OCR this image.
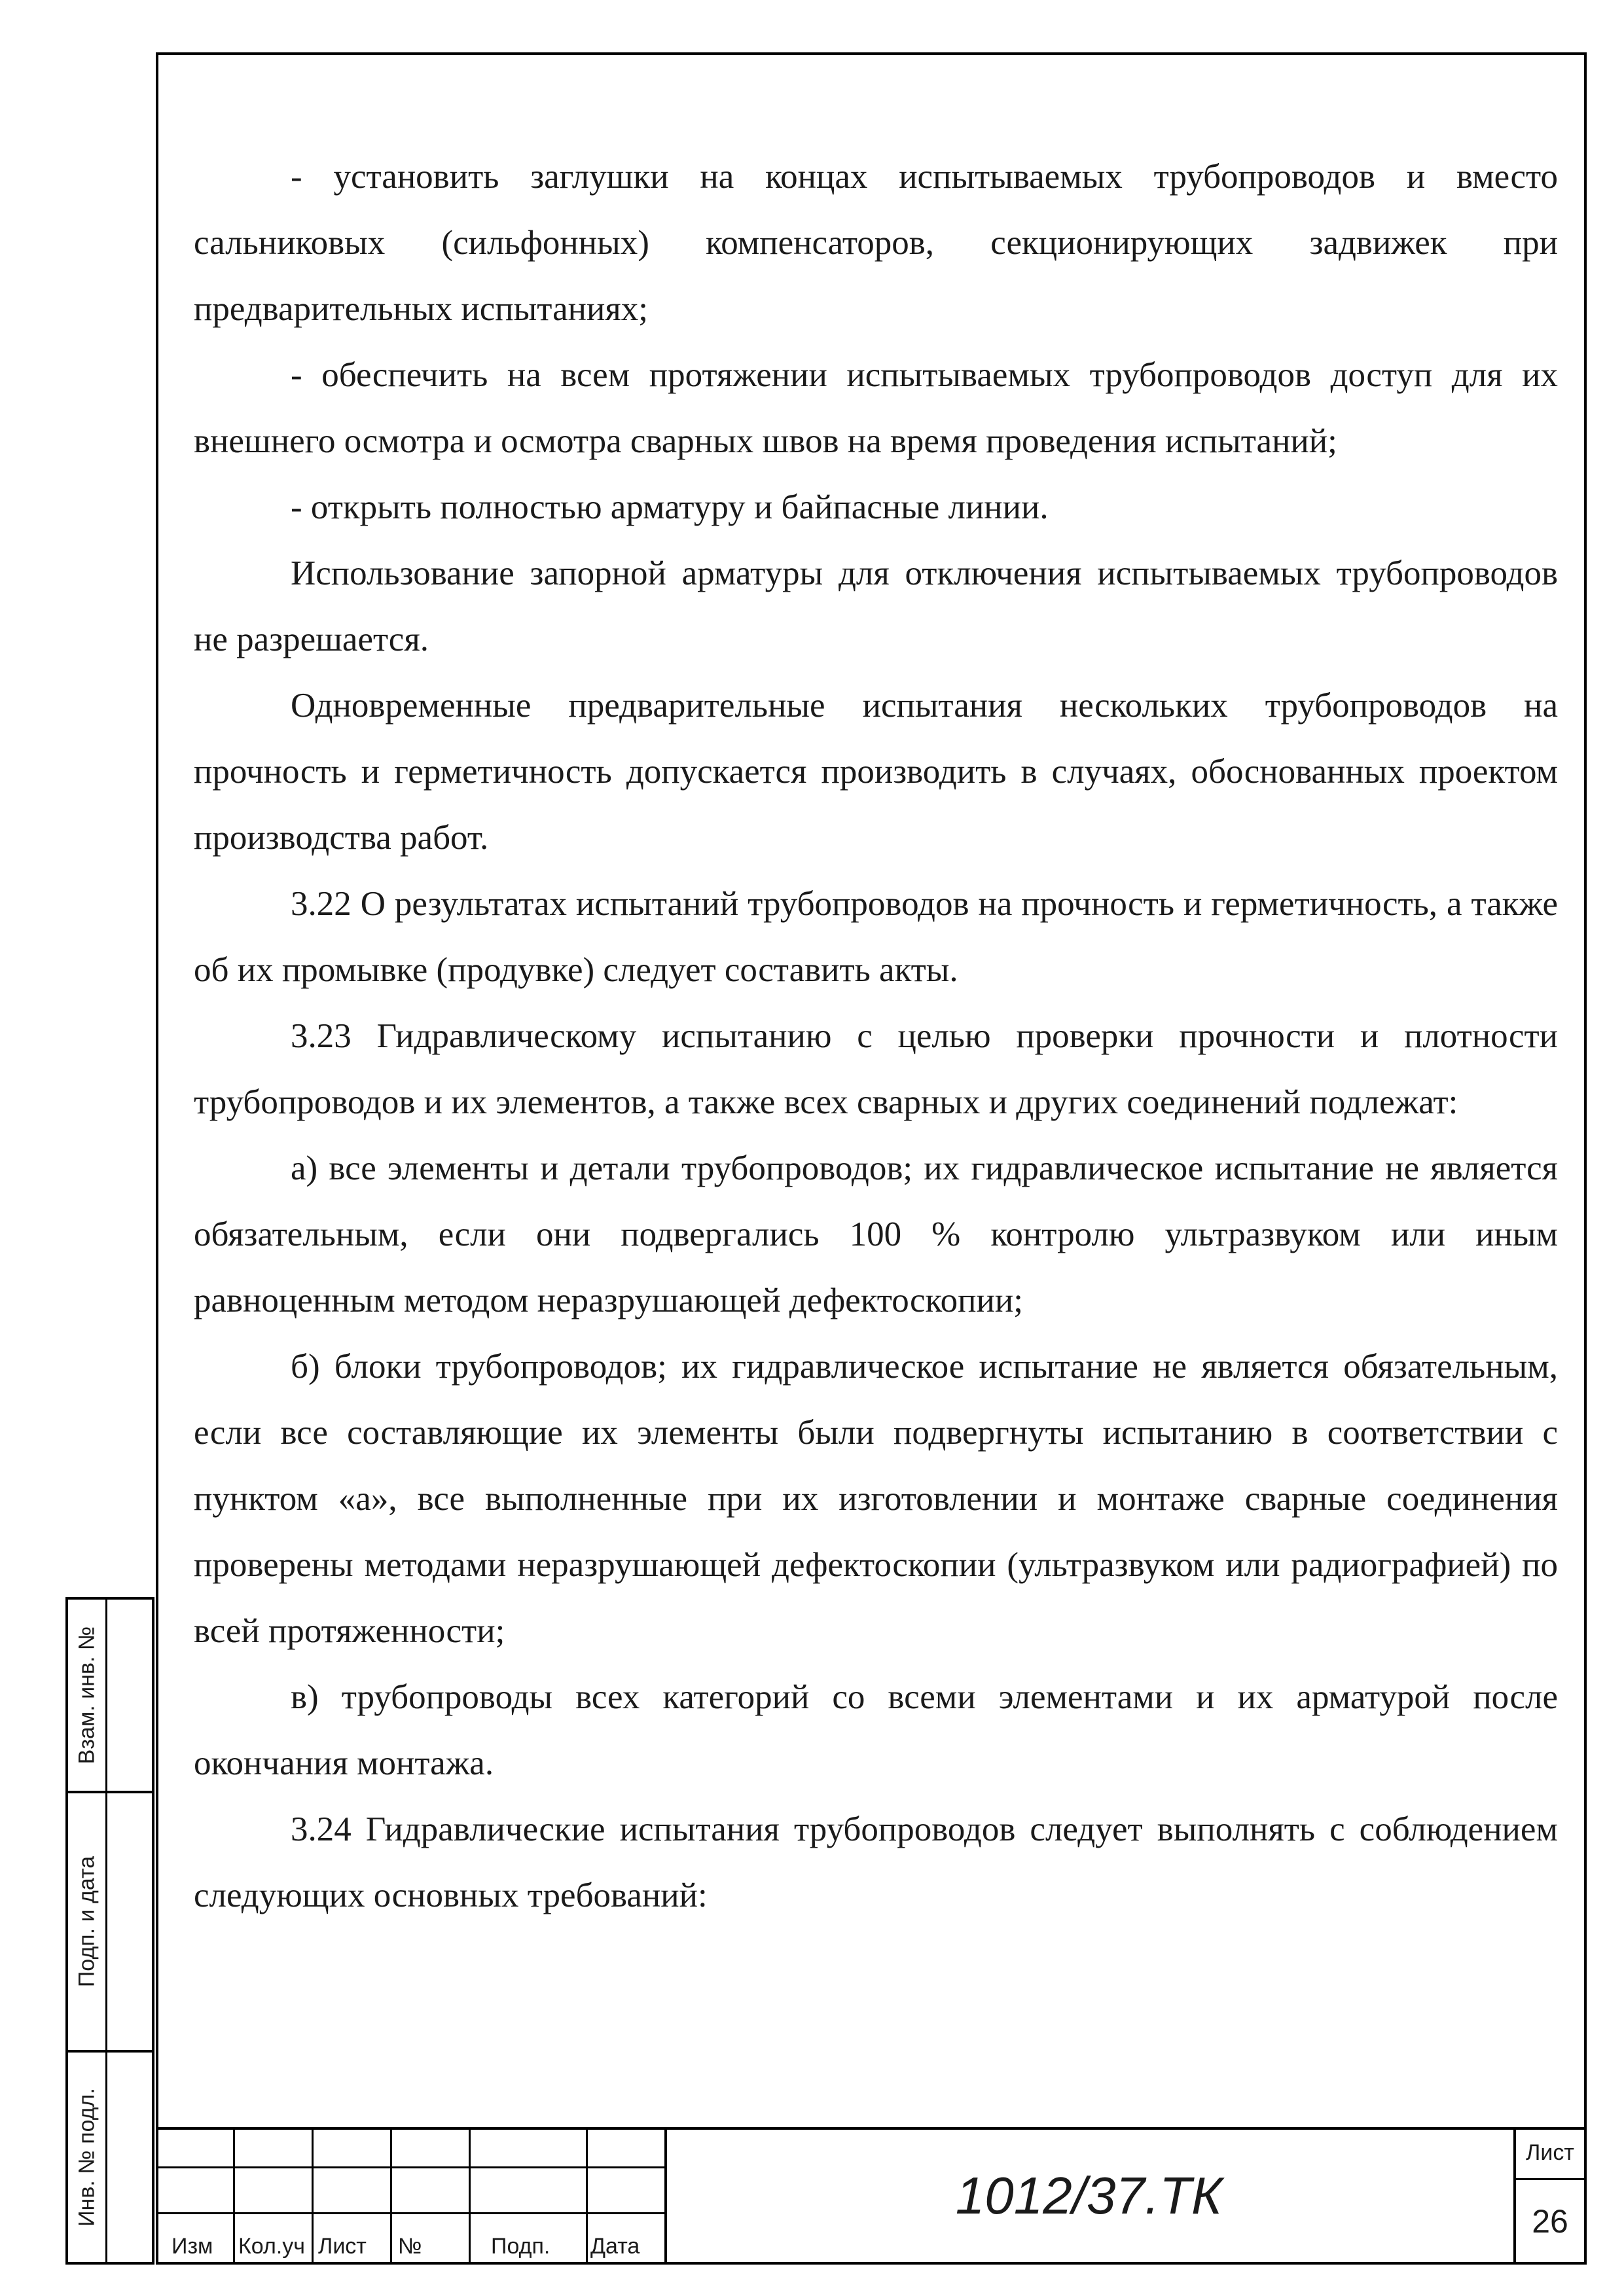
- установить заглушки на концах испытываемых трубопроводов и вместо сальниковых (сильфонных) компенсаторов, секционирующих задвижек при предварительных испытаниях;

- обеспечить на всем протяжении испытываемых трубопроводов доступ для их внешнего осмотра и осмотра сварных швов на время проведения испытаний;

- открыть полностью арматуру и байпасные линии.

Использование запорной арматуры для отключения испытываемых трубопроводов не разрешается.

Одновременные предварительные испытания нескольких трубопроводов на прочность и герметичность допускается производить в случаях, обоснованных проектом производства работ.

3.22 О результатах испытаний трубопроводов на прочность и герметичность, а также об их промывке (продувке) следует составить акты.

3.23 Гидравлическому испытанию с целью проверки прочности и плотности трубопроводов и их элементов, а также всех сварных и других соединений подлежат:

а) все элементы и детали трубопроводов; их гидравлическое испытание не является обязательным, если они подвергались 100 % контролю ультразвуком или иным равноценным методом неразрушающей дефектоскопии;

б) блоки трубопроводов; их гидравлическое испытание не является обязательным, если все составляющие их элементы были подвергнуты испытанию в соответствии с пунктом «а», все выполненные при их изготовлении и монтаже сварные соединения проверены методами неразрушающей дефектоскопии (ультразвуком или радиографией) по всей протяженности;

в) трубопроводы всех категорий со всеми элементами и их арматурой после окончания монтажа.

3.24 Гидравлические испытания трубопроводов следует выполнять с соблюдением следующих основных требований:

Взам. инв. №
Подп. и дата
Инв. № подл.
Изм Кол.уч Лист №	Подп. Дата
1012/37.ТК
Лист
26
